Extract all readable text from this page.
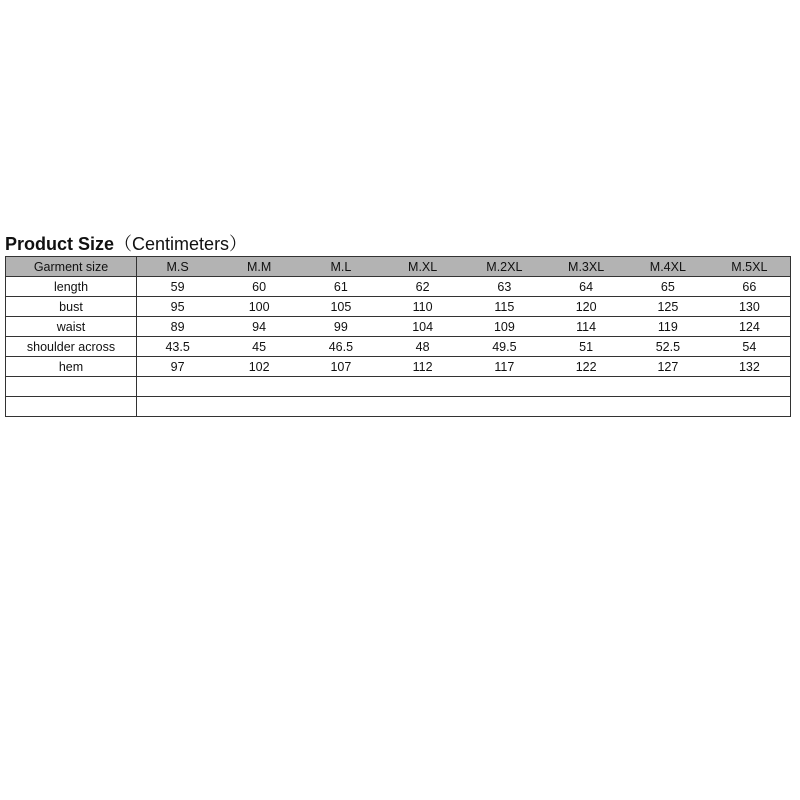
Product Size（Centimeters）
Garment size	M.S	M.M	M.L	M.XL	M.2XL	M.3XL	M.4XL	M.5XL
length	59	60	61	62	63	64	65	66
bust	95	100	105	110	115	120	125	130
waist	89	94	99	104	109	114	119	124
shoulder across	43.5	45	46.5	48	49.5	51	52.5	54
hem	97	102	107	112	117	122	127	132
